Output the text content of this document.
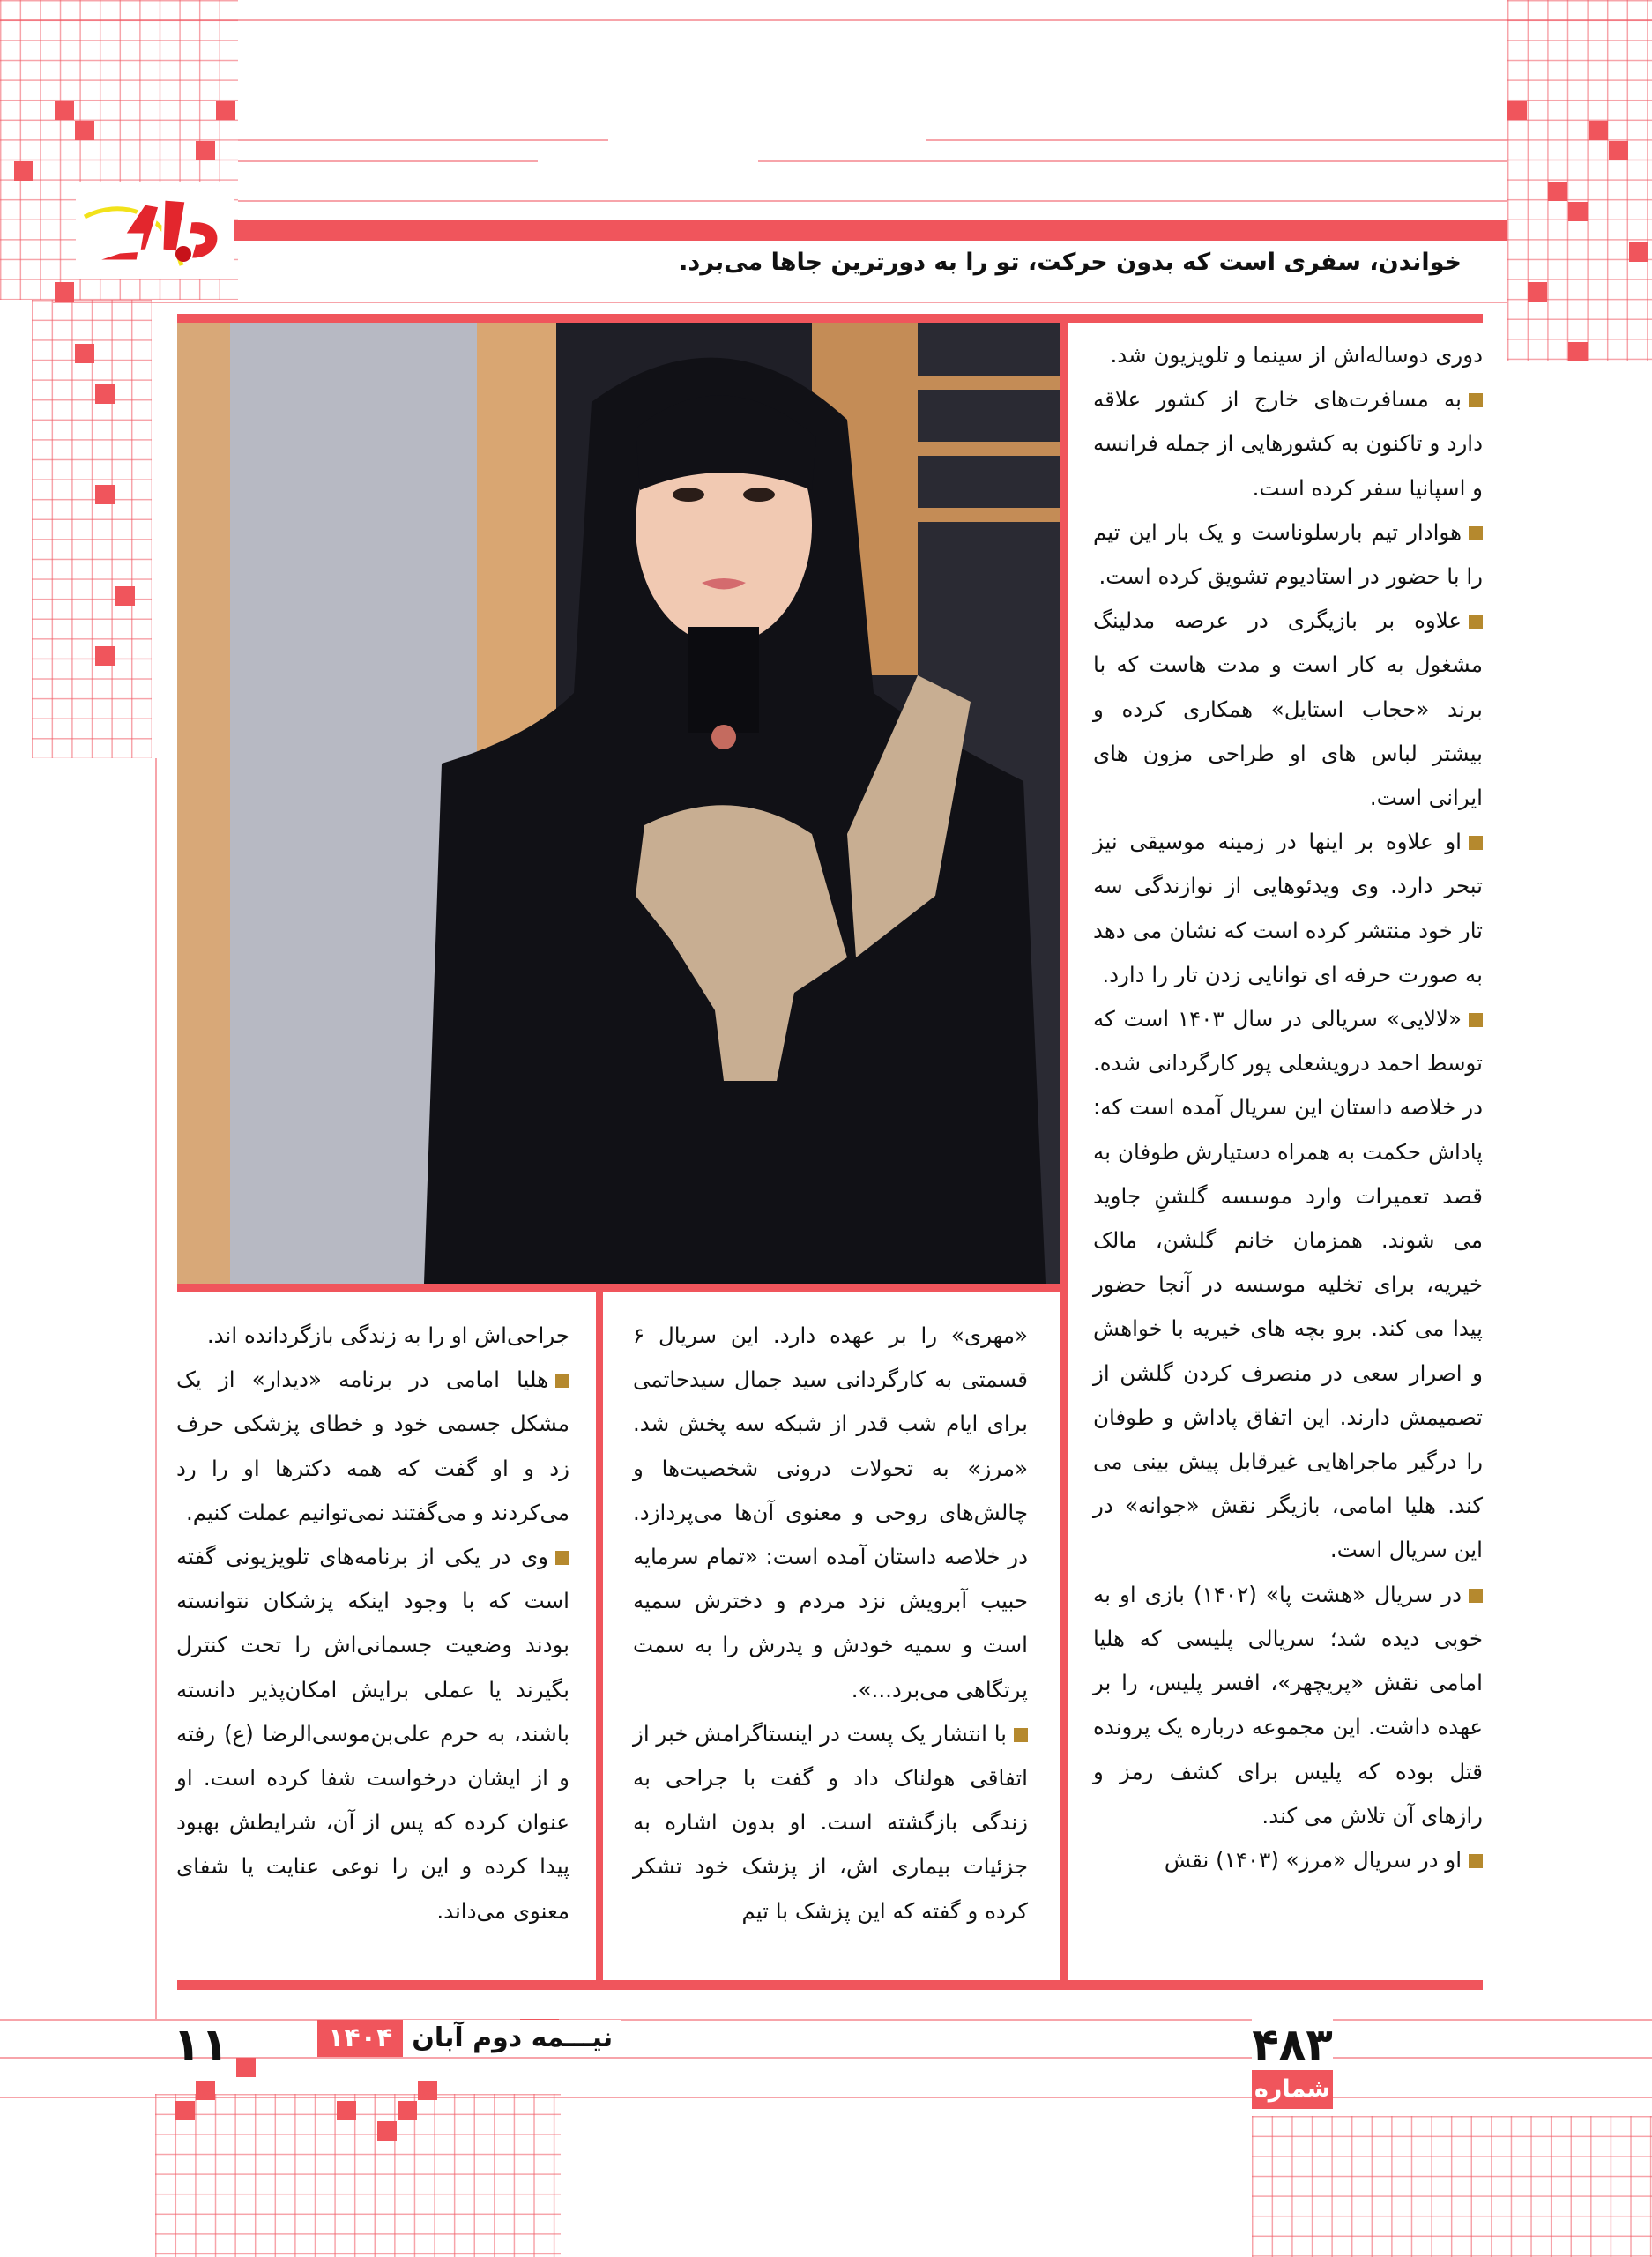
خواندن، سفری است که بدون حرکت، تو را به دورترین جاها می‌برد.

دوری دوساله‌اش از سینما و تلویزیون شد.

به مسافرت‌های خارج از کشور علاقه دارد و تاکنون به کشورهایی از جمله فرانسه و اسپانیا سفر کرده است.

هوادار تیم بارسلوناست و یک بار این تیم را با حضور در استادیوم تشویق کرده است.

علاوه بر بازیگری در عرصه مدلینگ مشغول به کار است و مدت هاست که با برند «حجاب استایل» همکاری کرده و بیشتر لباس های او طراحی مزون های ایرانی است.

او علاوه بر اینها در زمینه موسیقی نیز تبحر دارد. وی ویدئوهایی از نوازندگی سه تار خود منتشر کرده است که نشان می دهد به صورت حرفه ای توانایی زدن تار را دارد.

«لالایی» سریالی در سال ۱۴۰۳ است که توسط احمد درویشعلی پور کارگردانی شده. در خلاصه داستان این سریال آمده است که: پاداش حکمت به همراه دستیارش طوفان به قصد تعمیرات وارد موسسه گلشنِ جاوید می شوند. همزمان خانم گلشن، مالک خیریه، برای تخلیه موسسه در آنجا حضور پیدا می کند. برو بچه های خیریه با خواهش و اصرار سعی در منصرف کردن گلشن از تصمیمش دارند. این اتفاق پاداش و طوفان را درگیر ماجراهایی غیرقابل پیش بینی می کند. هلیا امامی، بازیگر نقش «جوانه» در این سریال است.

در سریال «هشت پا» (۱۴۰۲) بازی او به خوبی دیده شد؛ سریالی پلیسی که هلیا امامی نقش «پریچهر»، افسر پلیس، را بر عهده داشت. این مجموعه درباره یک پرونده قتل بوده که پلیس برای کشف رمز و رازهای آن تلاش می کند.

او در سریال «مرز» (۱۴۰۳) نقش

«مهری» را بر عهده دارد. این سریال ۶ قسمتی به کارگردانی سید جمال سیدحاتمی برای ایام شب قدر از شبکه سه پخش شد. «مرز» به تحولات درونی شخصیت‌ها و چالش‌های روحی و معنوی آن‌ها می‌پردازد. در خلاصه داستان آمده است: «تمام سرمایه حبیب آبرویش نزد مردم و دخترش سمیه است و سمیه خودش و پدرش را به سمت پرتگاهی می‌برد...».

با انتشار یک پست در اینستاگرامش خبر از اتفاقی هولناک داد و گفت با جراحی به زندگی بازگشته است. او بدون اشاره به جزئیات بیماری اش، از پزشک خود تشکر کرده و گفته که این پزشک با تیم

جراحی‌اش او را به زندگی بازگردانده اند.

هلیا امامی در برنامه «دیدار» از یک مشکل جسمی خود و خطای پزشکی حرف زد و او گفت که همه دکترها او را رد می‌کردند و می‌گفتند نمی‌توانیم عملت کنیم.

وی در یکی از برنامه‌های تلویزیونی گفته است که با وجود اینکه پزشکان نتوانسته بودند وضعیت جسمانی‌اش را تحت کنترل بگیرند یا عملی برایش امکان‌پذیر دانسته باشند، به حرم علی‌بن‌موسی‌الرضا (ع) رفته و از ایشان درخواست شفا کرده است. او عنوان کرده که پس از آن، شرایطش بهبود پیدا کرده و این را نوعی عنایت یا شفای معنوی می‌داند.

۱۱	نیـــمه دوم آبان
۱۴۰۴	۴۸۳
شماره
